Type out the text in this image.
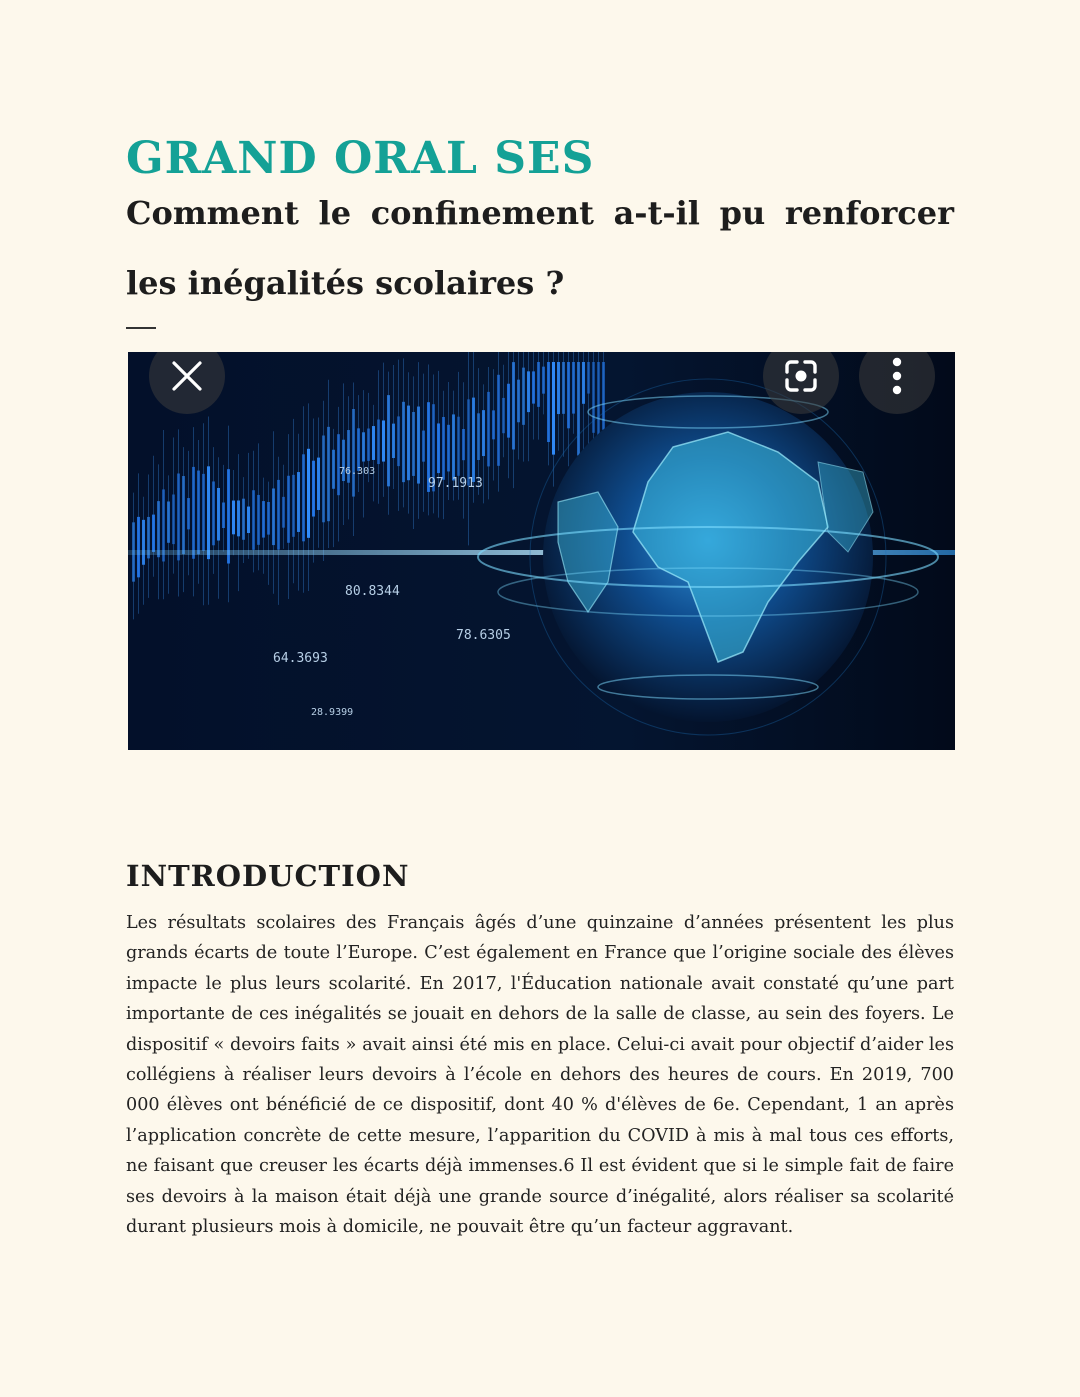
GRAND ORAL SES
Comment le confinement a-t-il pu renforcer les inégalités scolaires ?
80.8344
64.3693
97.1913
78.6305
76.303
28.9399
INTRODUCTION

Les résultats scolaires des Français âgés d’une quinzaine d’années présentent les plus grands écarts de toute l’Europe. C’est également en France que l’origine sociale des élèves impacte le plus leurs scolarité. En 2017, l'Éducation nationale avait constaté qu’une part importante de ces inégalités se jouait en dehors de la salle de classe, au sein des foyers. Le dispositif « devoirs faits » avait ainsi été mis en place. Celui-ci avait pour objectif d’aider les collégiens à réaliser leurs devoirs à l’école en dehors des heures de cours. En 2019, 700 000 élèves ont bénéficié de ce dispositif, dont 40 % d'élèves de 6e. Cependant, 1 an après l’application concrète de cette mesure, l’apparition du COVID à mis à mal tous ces efforts, ne faisant que creuser les écarts déjà immenses.6 Il est évident que si le simple fait de faire ses devoirs à la maison était déjà une grande source d’inégalité, alors réaliser sa scolarité durant plusieurs mois à domicile, ne pouvait être qu’un facteur aggravant.
